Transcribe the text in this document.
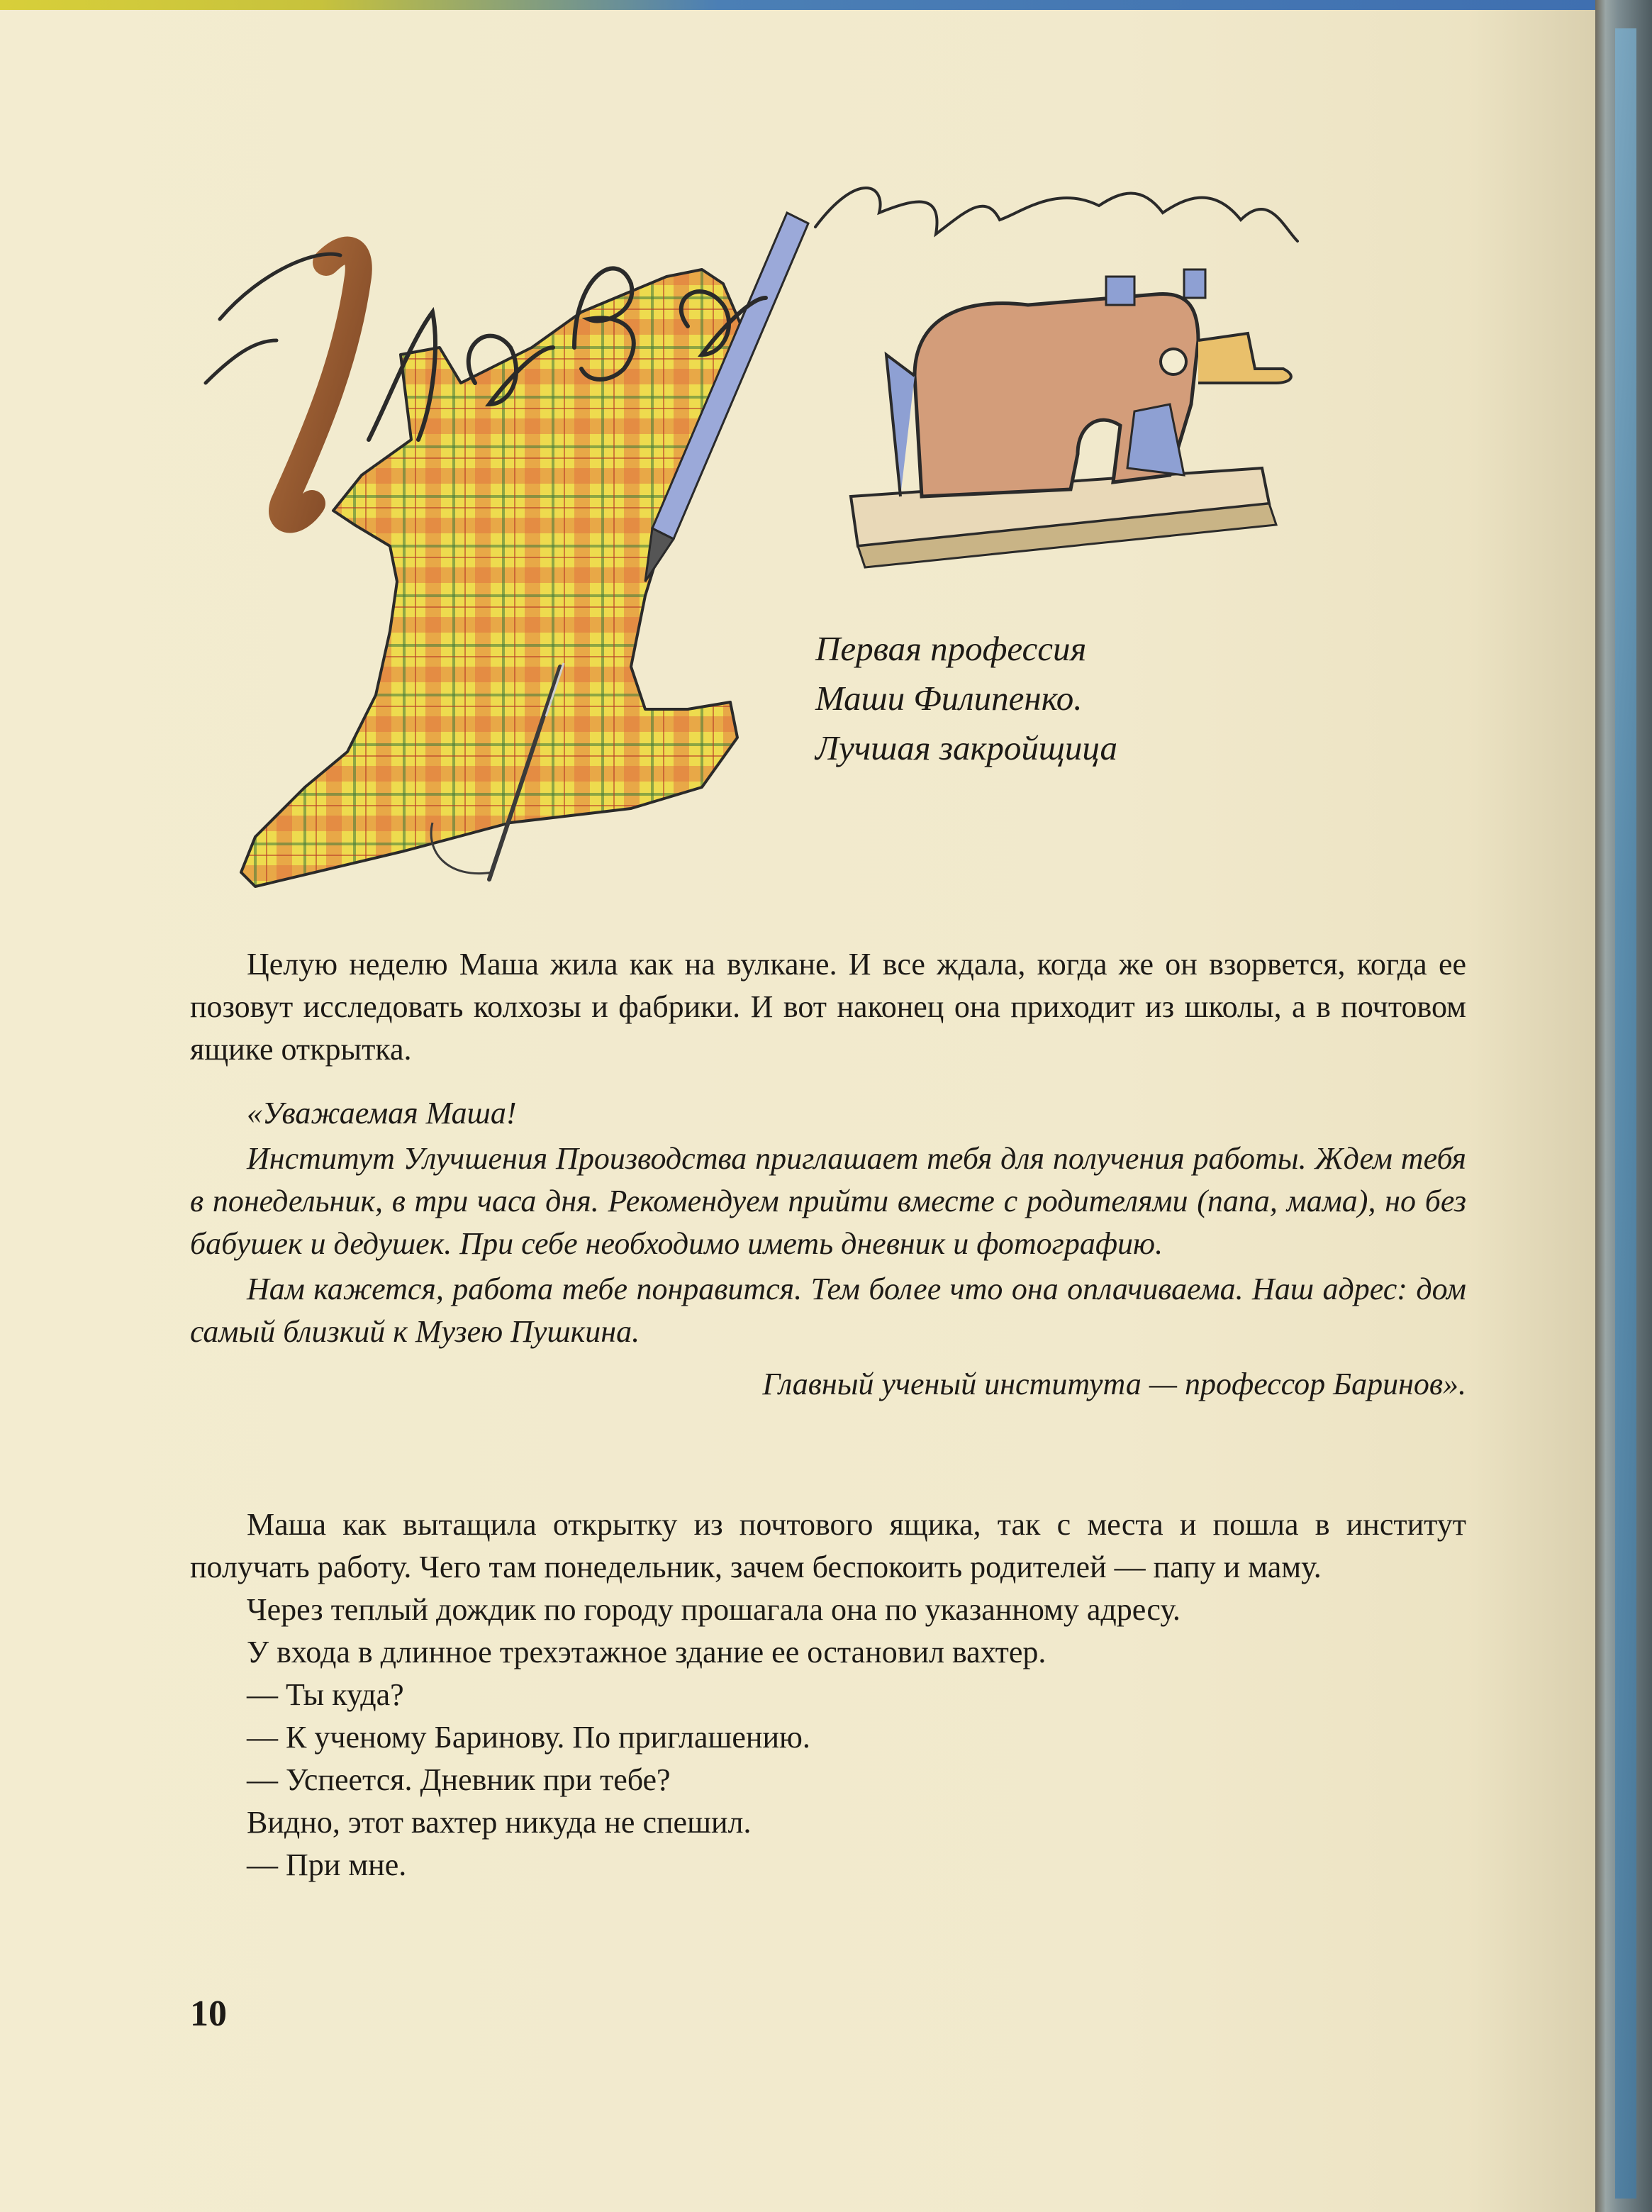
Первая профессия
Маши Филипенко.
Лучшая закройщица

Целую неделю Маша жила как на вулкане. И все ждала, когда же он взорвется, когда ее позовут исследовать колхозы и фабрики. И вот наконец она приходит из школы, а в почтовом ящике открытка.

«Уважаемая Маша!

Институт Улучшения Производства приглашает тебя для получения работы. Ждем тебя в понедельник, в три часа дня. Рекомендуем прийти вместе с родителями (папа, мама), но без бабушек и дедушек. При себе необходимо иметь дневник и фотографию.

Нам кажется, работа тебе понравится. Тем более что она оплачиваема. Наш адрес: дом самый близкий к Музею Пушкина.

Главный ученый института — профессор Баринов».

Маша как вытащила открытку из почтового ящика, так с места и пошла в институт получать работу. Чего там понедельник, зачем беспокоить родителей — папу и маму.

Через теплый дождик по городу прошагала она по указанному адресу.

У входа в длинное трехэтажное здание ее остановил вахтер.

— Ты куда?

— К ученому Баринову. По приглашению.

— Успеется. Дневник при тебе?

Видно, этот вахтер никуда не спешил.

— При мне.

10
